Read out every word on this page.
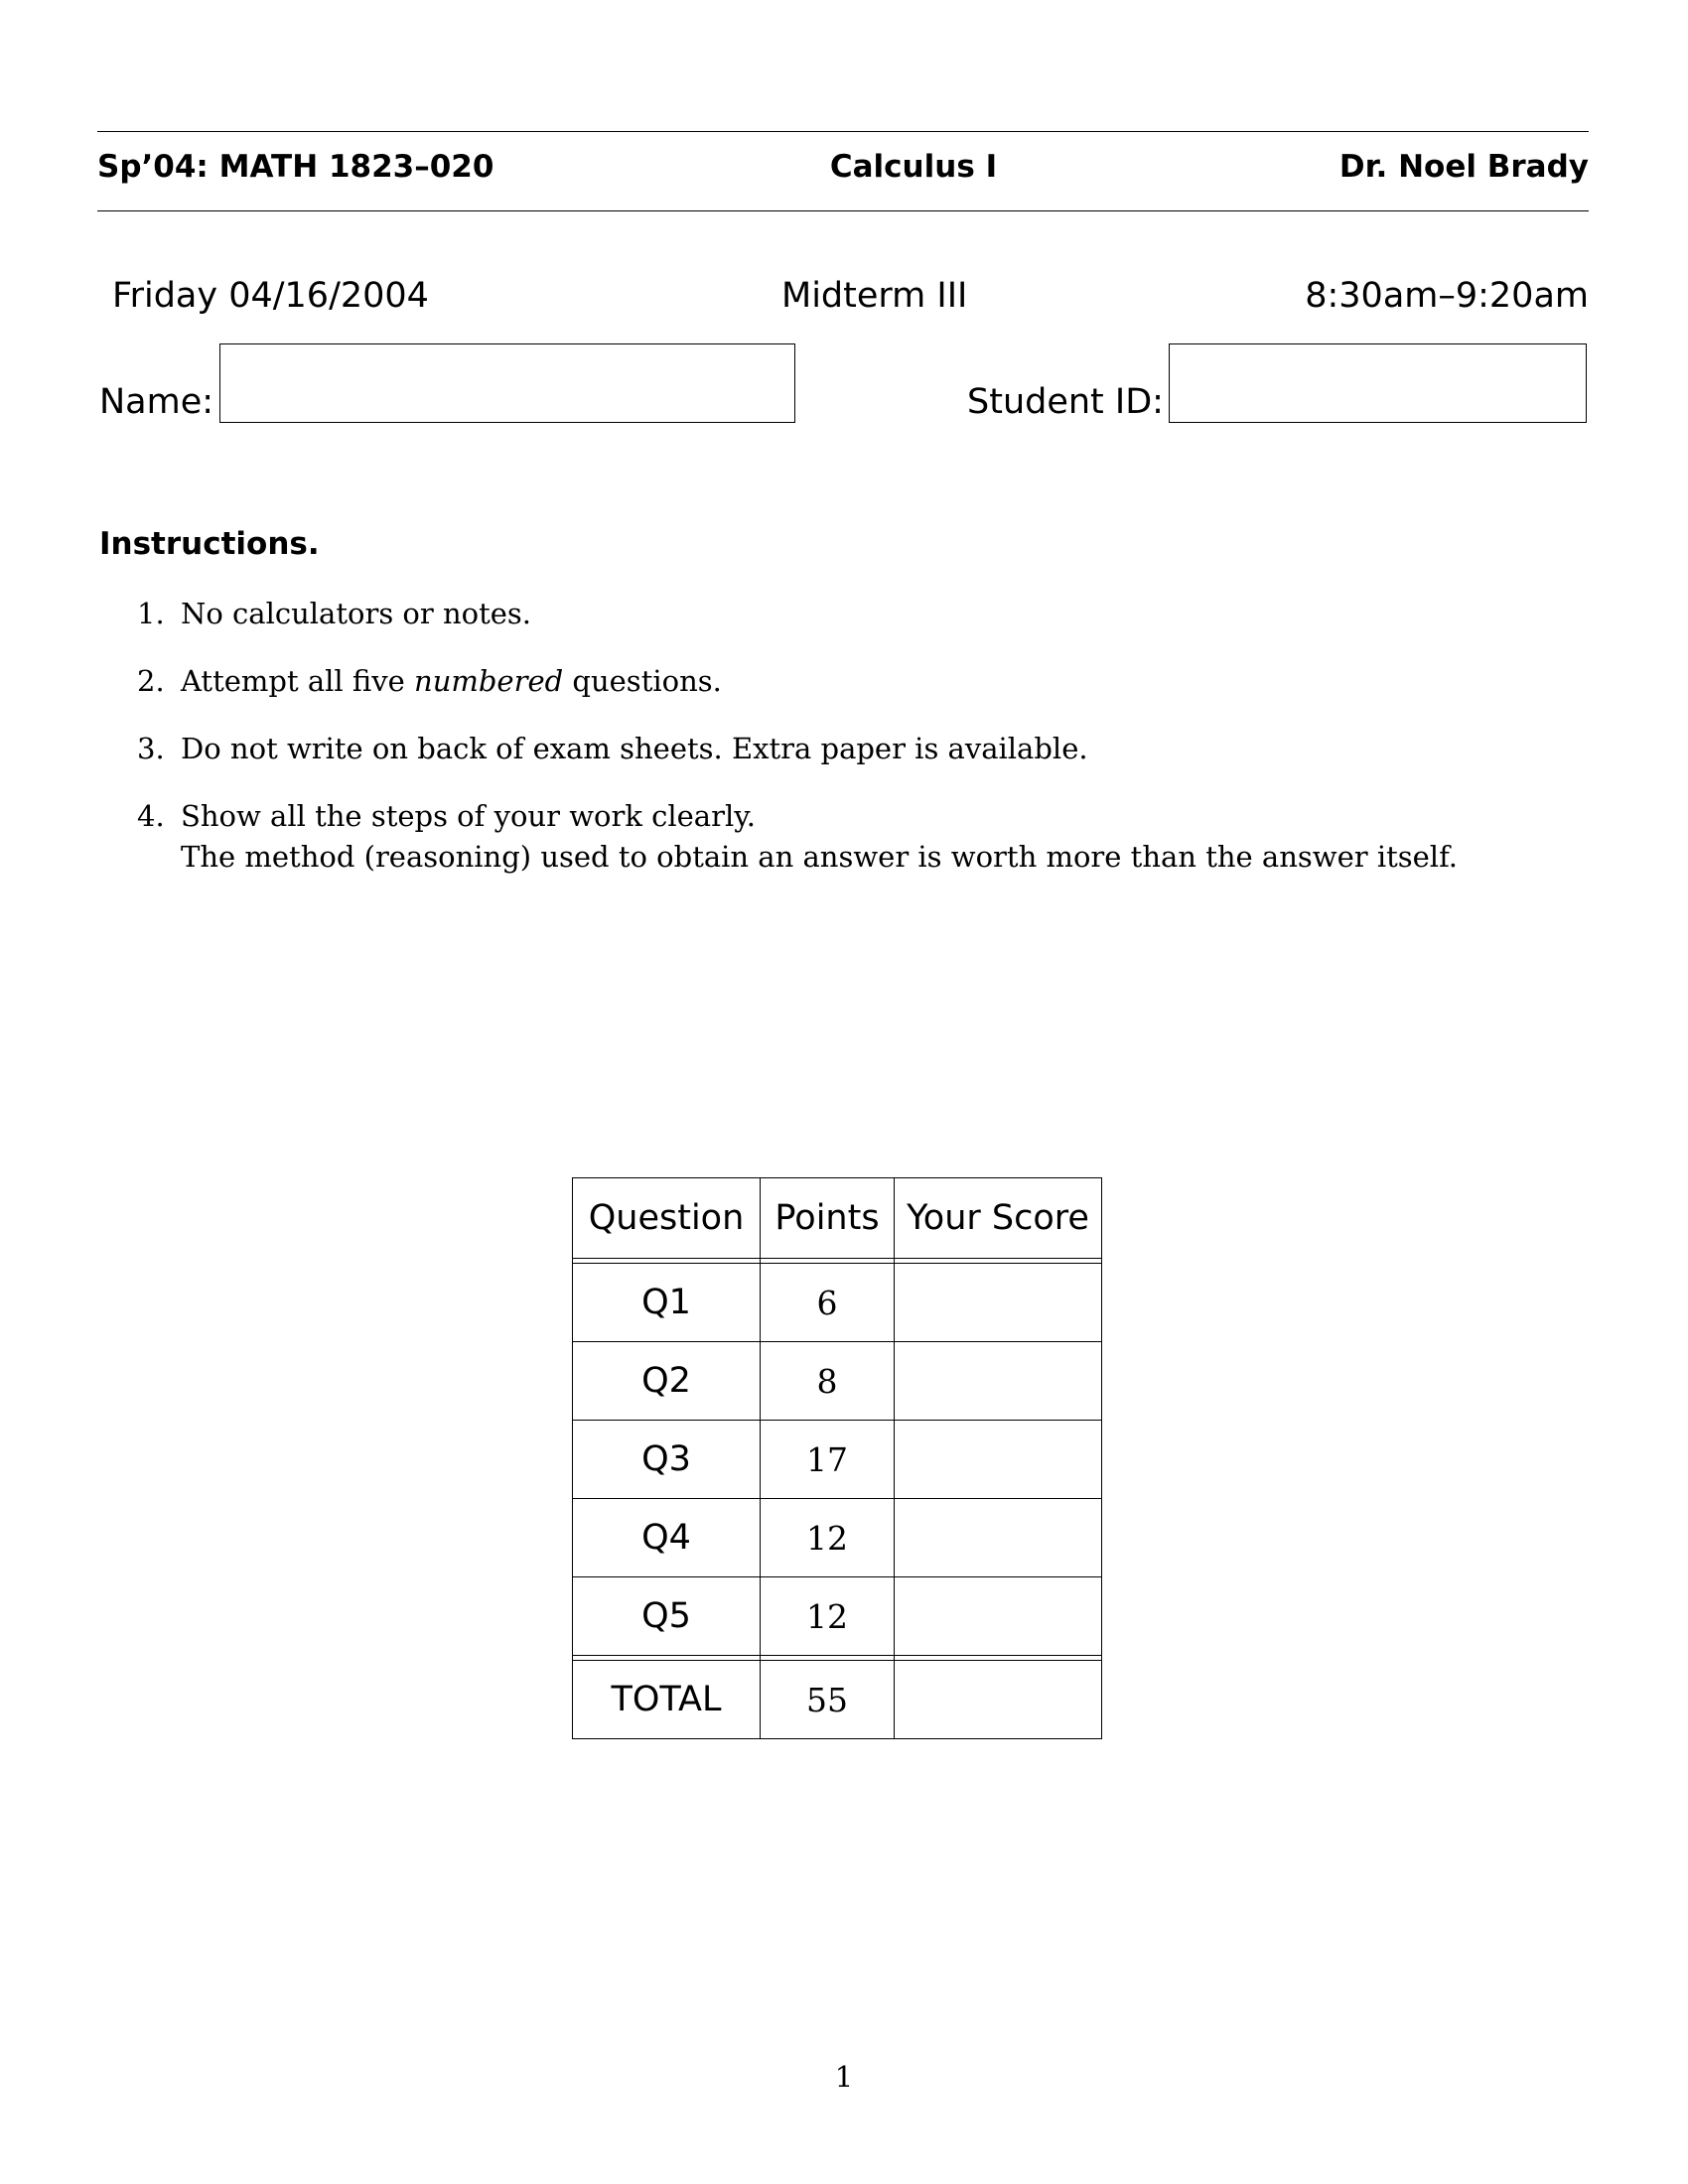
Sp’04: MATH 1823–020	Calculus I	Dr. Noel Brady
Friday 04/16/2004	Midterm III	8:30am–9:20am
Name:	Student ID:
Instructions.
1. No calculators or notes.
2. Attempt all five numbered questions.
3. Do not write on back of exam sheets. Extra paper is available.
4. Show all the steps of your work clearly.
The method (reasoning) used to obtain an answer is worth more than the answer itself.
Question	Points	Your Score

Q1	6	
Q2	8	
Q3	17	
Q4	12	
Q5	12	

TOTAL	55	
1
